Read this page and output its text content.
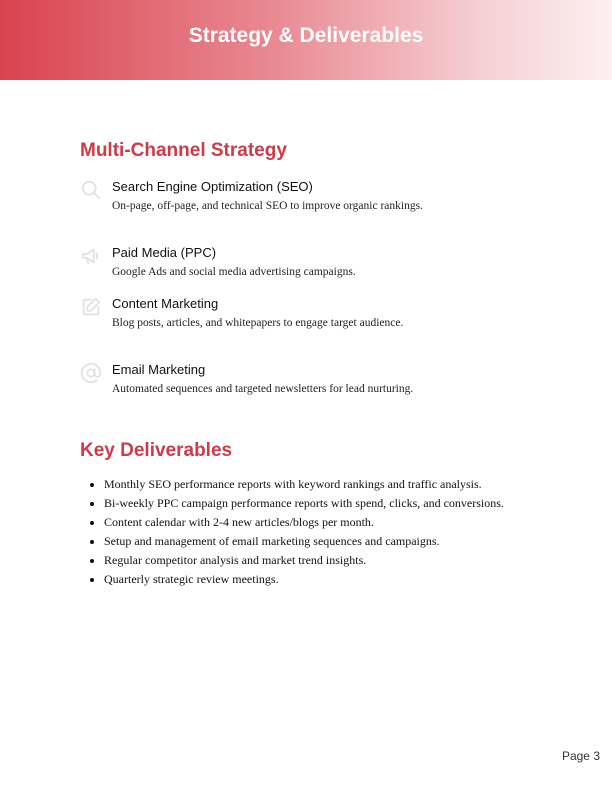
Strategy & Deliverables
Multi-Channel Strategy
Search Engine Optimization (SEO)
On-page, off-page, and technical SEO to improve organic rankings.
Paid Media (PPC)
Google Ads and social media advertising campaigns.
Content Marketing
Blog posts, articles, and whitepapers to engage target audience.
Email Marketing
Automated sequences and targeted newsletters for lead nurturing.
Key Deliverables
• Monthly SEO performance reports with keyword rankings and traffic analysis.
• Bi-weekly PPC campaign performance reports with spend, clicks, and conversions.
• Content calendar with 2-4 new articles/blogs per month.
• Setup and management of email marketing sequences and campaigns.
• Regular competitor analysis and market trend insights.
• Quarterly strategic review meetings.
Page 3
